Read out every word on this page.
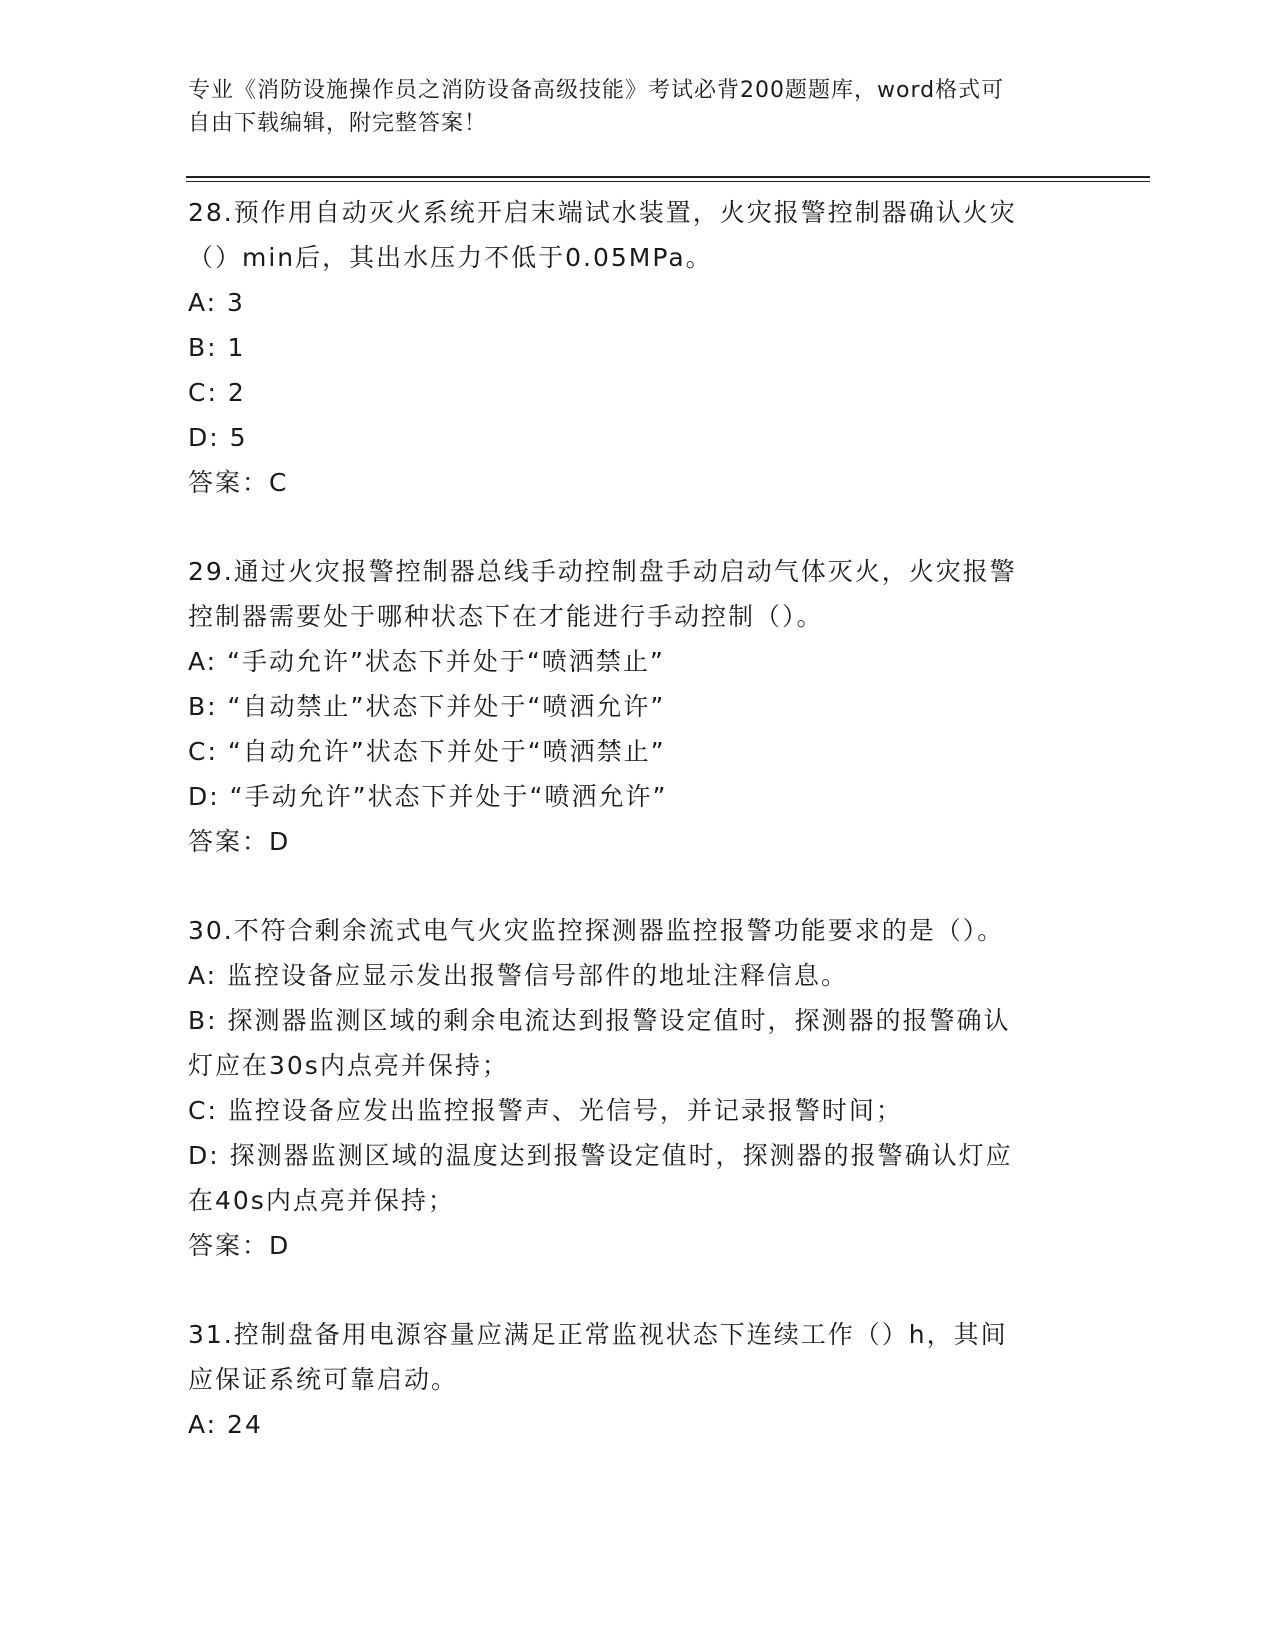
专业《消防设施操作员之消防设备高级技能》考试必背200题题库，word格式可
自由下载编辑，附完整答案！
28.预作用自动灭火系统开启末端试水装置，火灾报警控制器确认火灾
（）min后，其出水压力不低于0.05MPa。
A: 3
B: 1
C: 2
D: 5
答案：C
29.通过火灾报警控制器总线手动控制盘手动启动气体灭火，火灾报警
控制器需要处于哪种状态下在才能进行手动控制（）。
A: “手动允许”状态下并处于“喷洒禁止”
B: “自动禁止”状态下并处于“喷洒允许”
C: “自动允许”状态下并处于“喷洒禁止”
D: “手动允许”状态下并处于“喷洒允许”
答案：D
30.不符合剩余流式电气火灾监控探测器监控报警功能要求的是（）。
A: 监控设备应显示发出报警信号部件的地址注释信息。
B: 探测器监测区域的剩余电流达到报警设定值时，探测器的报警确认
灯应在30s内点亮并保持；
C: 监控设备应发出监控报警声、光信号，并记录报警时间；
D: 探测器监测区域的温度达到报警设定值时，探测器的报警确认灯应
在40s内点亮并保持；
答案：D
31.控制盘备用电源容量应满足正常监视状态下连续工作（）h，其间
应保证系统可靠启动。
A: 24
